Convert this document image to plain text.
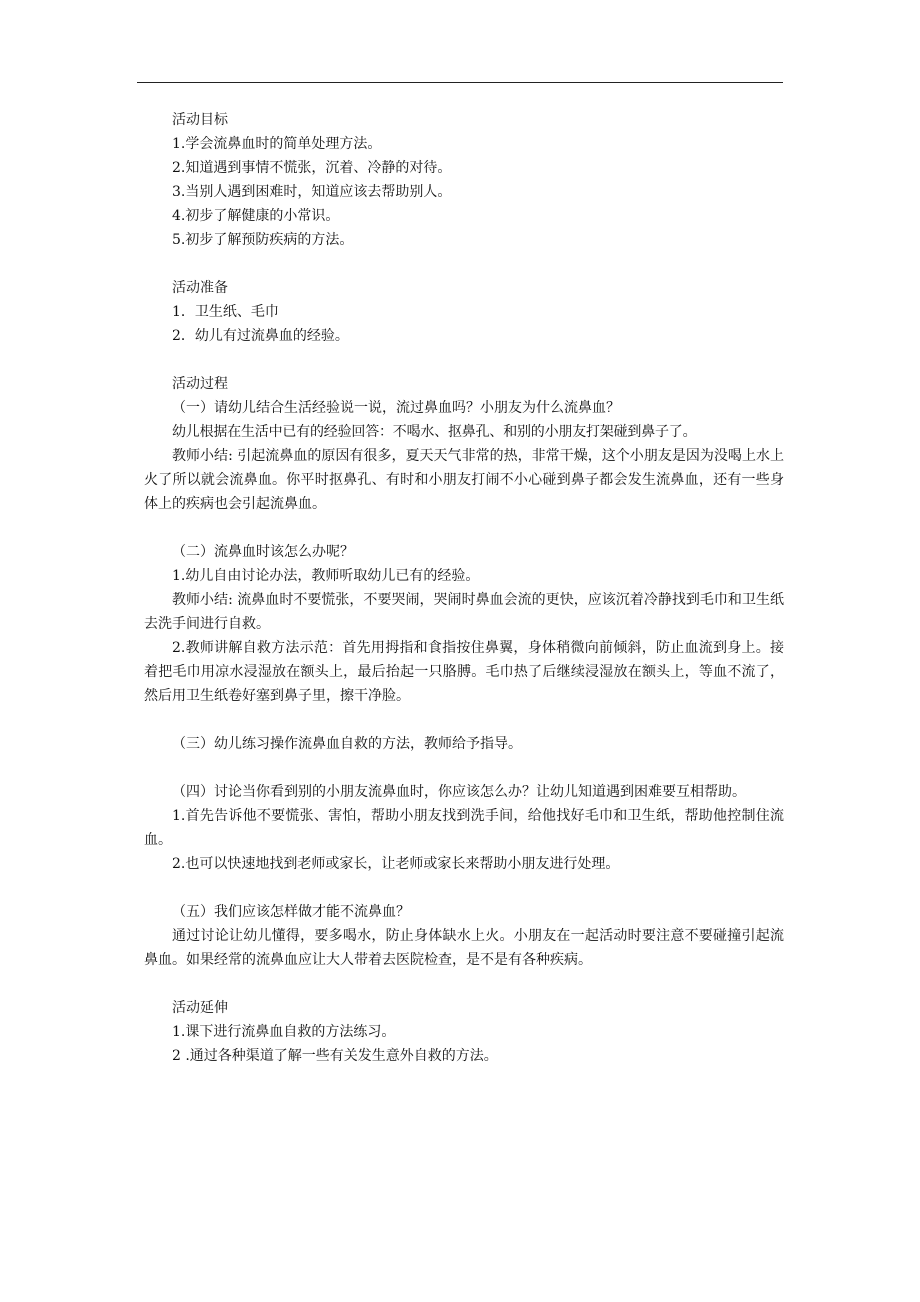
活动目标

1.学会流鼻血时的简单处理方法。

2.知道遇到事情不慌张，沉着、冷静的对待。

3.当别人遇到困难时，知道应该去帮助别人。

4.初步了解健康的小常识。

5.初步了解预防疾病的方法。

活动准备

1．卫生纸、毛巾

2．幼儿有过流鼻血的经验。

活动过程

（一）请幼儿结合生活经验说一说，流过鼻血吗？小朋友为什么流鼻血？

幼儿根据在生活中已有的经验回答：不喝水、抠鼻孔、和别的小朋友打架碰到鼻子了。

教师小结: 引起流鼻血的原因有很多，夏天天气非常的热，非常干燥，这个小朋友是因为没喝上水上火了所以就会流鼻血。你平时抠鼻孔、有时和小朋友打闹不小心碰到鼻子都会发生流鼻血，还有一些身体上的疾病也会引起流鼻血。

（二）流鼻血时该怎么办呢？

1.幼儿自由讨论办法，教师听取幼儿已有的经验。

教师小结: 流鼻血时不要慌张，不要哭闹，哭闹时鼻血会流的更快，应该沉着冷静找到毛巾和卫生纸去洗手间进行自救。

2.教师讲解自救方法示范：首先用拇指和食指按住鼻翼，身体稍微向前倾斜，防止血流到身上。接着把毛巾用凉水浸湿放在额头上，最后抬起一只胳膊。毛巾热了后继续浸湿放在额头上，等血不流了，然后用卫生纸卷好塞到鼻子里，擦干净脸。

（三）幼儿练习操作流鼻血自救的方法，教师给予指导。

（四）讨论当你看到别的小朋友流鼻血时，你应该怎么办？让幼儿知道遇到困难要互相帮助。

1.首先告诉他不要慌张、害怕，帮助小朋友找到洗手间，给他找好毛巾和卫生纸，帮助他控制住流血。

2.也可以快速地找到老师或家长，让老师或家长来帮助小朋友进行处理。

（五）我们应该怎样做才能不流鼻血？

通过讨论让幼儿懂得，要多喝水，防止身体缺水上火。小朋友在一起活动时要注意不要碰撞引起流鼻血。如果经常的流鼻血应让大人带着去医院检查，是不是有各种疾病。

活动延伸

1.课下进行流鼻血自救的方法练习。

2 .通过各种渠道了解一些有关发生意外自救的方法。
